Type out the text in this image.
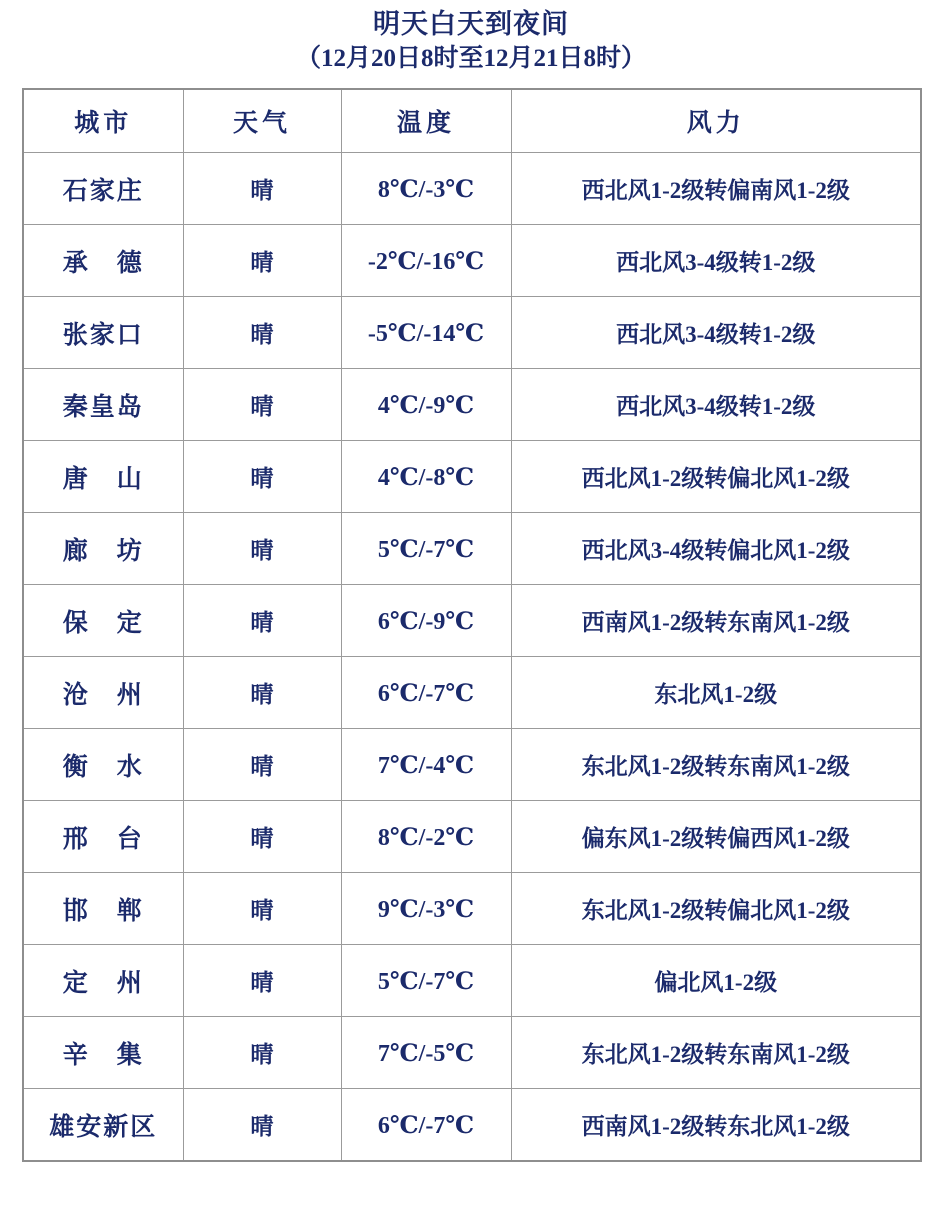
明天白天到夜间
（12月20日8时至12月21日8时）
城市	天气	温度	风力
石家庄	晴	8℃/-3℃	西北风1-2级转偏南风1-2级
承　德	晴	-2℃/-16℃	西北风3-4级转1-2级
张家口	晴	-5℃/-14℃	西北风3-4级转1-2级
秦皇岛	晴	4℃/-9℃	西北风3-4级转1-2级
唐　山	晴	4℃/-8℃	西北风1-2级转偏北风1-2级
廊　坊	晴	5℃/-7℃	西北风3-4级转偏北风1-2级
保　定	晴	6℃/-9℃	西南风1-2级转东南风1-2级
沧　州	晴	6℃/-7℃	东北风1-2级
衡　水	晴	7℃/-4℃	东北风1-2级转东南风1-2级
邢　台	晴	8℃/-2℃	偏东风1-2级转偏西风1-2级
邯　郸	晴	9℃/-3℃	东北风1-2级转偏北风1-2级
定　州	晴	5℃/-7℃	偏北风1-2级
辛　集	晴	7℃/-5℃	东北风1-2级转东南风1-2级
雄安新区	晴	6℃/-7℃	西南风1-2级转东北风1-2级
